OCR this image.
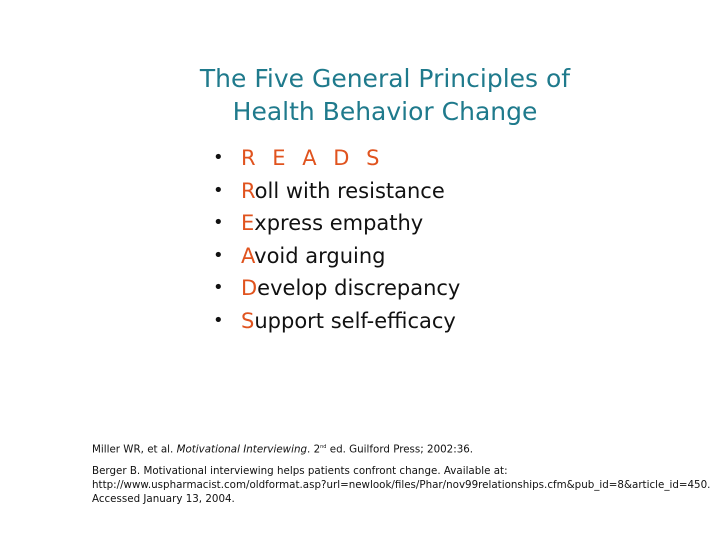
The Five General Principles of
Health Behavior Change
• R E A D S
• Roll with resistance
• Express empathy
• Avoid arguing
• Develop discrepancy
• Support self-efficacy

Miller WR, et al. Motivational Interviewing. 2nd ed. Guilford Press; 2002:36.

Berger B. Motivational interviewing helps patients confront change. Available at:
http://www.uspharmacist.com/oldformat.asp?url=newlook/files/Phar/nov99relationships.cfm&pub_id=8&article_id=450.
Accessed January 13, 2004.
